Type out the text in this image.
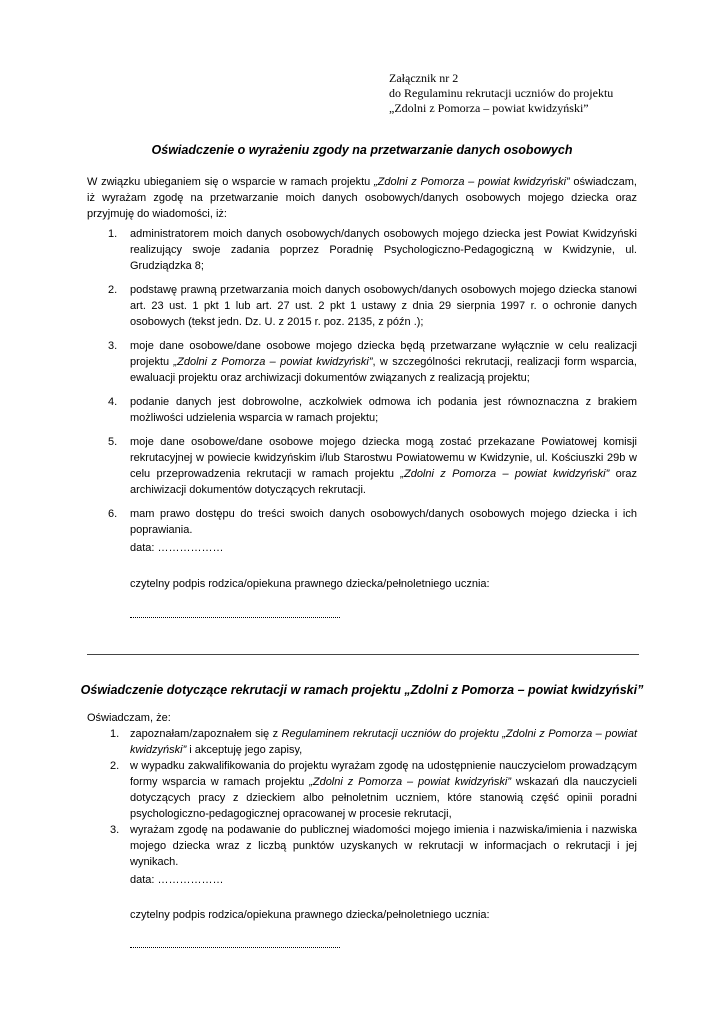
Załącznik nr 2
do Regulaminu rekrutacji uczniów do projektu
„Zdolni z Pomorza – powiat kwidzyński”
Oświadczenie o wyrażeniu zgody na przetwarzanie danych osobowych
W związku ubieganiem się o wsparcie w ramach projektu „Zdolni z Pomorza – powiat kwidzyński” oświadczam, iż wyrażam zgodę na przetwarzanie moich danych osobowych/danych osobowych mojego dziecka oraz przyjmuję do wiadomości, iż:
1. administratorem moich danych osobowych/danych osobowych mojego dziecka jest Powiat Kwidzyński realizujący swoje zadania poprzez Poradnię Psychologiczno-Pedagogiczną w Kwidzynie, ul. Grudziądzka 8;
2. podstawę prawną przetwarzania moich danych osobowych/danych osobowych mojego dziecka stanowi art. 23 ust. 1 pkt 1 lub art. 27 ust. 2 pkt 1 ustawy z dnia 29 sierpnia 1997 r. o ochronie danych osobowych (tekst jedn. Dz. U. z 2015 r. poz. 2135, z późn .);
3. moje dane osobowe/dane osobowe mojego dziecka będą przetwarzane wyłącznie w celu realizacji projektu „Zdolni z Pomorza – powiat kwidzyński”, w szczególności rekrutacji, realizacji form wsparcia, ewaluacji projektu oraz archiwizacji dokumentów związanych z realizacją projektu;
4. podanie danych jest dobrowolne, aczkolwiek odmowa ich podania jest równoznaczna z brakiem możliwości udzielenia wsparcia w ramach projektu;
5. moje dane osobowe/dane osobowe mojego dziecka mogą zostać przekazane Powiatowej komisji rekrutacyjnej w powiecie kwidzyńskim i/lub Starostwu Powiatowemu w Kwidzynie, ul. Kościuszki 29b w celu przeprowadzenia rekrutacji w ramach projektu „Zdolni z Pomorza – powiat kwidzyński” oraz archiwizacji dokumentów dotyczących rekrutacji.
6. mam prawo dostępu do treści swoich danych osobowych/danych osobowych mojego dziecka i ich poprawiania.
data: ………………
czytelny podpis rodzica/opiekuna prawnego dziecka/pełnoletniego ucznia:
Oświadczenie dotyczące rekrutacji w ramach projektu „Zdolni z Pomorza – powiat kwidzyński”
Oświadczam, że:
1. zapoznałam/zapoznałem się z Regulaminem rekrutacji uczniów do projektu „Zdolni z Pomorza – powiat kwidzyński” i akceptuję jego zapisy,
2. w wypadku zakwalifikowania do projektu wyrażam zgodę na udostępnienie nauczycielom prowadzącym formy wsparcia w ramach projektu „Zdolni z Pomorza – powiat kwidzyński” wskazań dla nauczycieli dotyczących pracy z dzieckiem albo pełnoletnim uczniem, które stanowią część opinii poradni psychologiczno-pedagogicznej opracowanej w procesie rekrutacji,
3. wyrażam zgodę na podawanie do publicznej wiadomości mojego imienia i nazwiska/imienia i nazwiska mojego dziecka wraz z liczbą punktów uzyskanych w rekrutacji w informacjach o rekrutacji i jej wynikach.
data: ………………
czytelny podpis rodzica/opiekuna prawnego dziecka/pełnoletniego ucznia:
